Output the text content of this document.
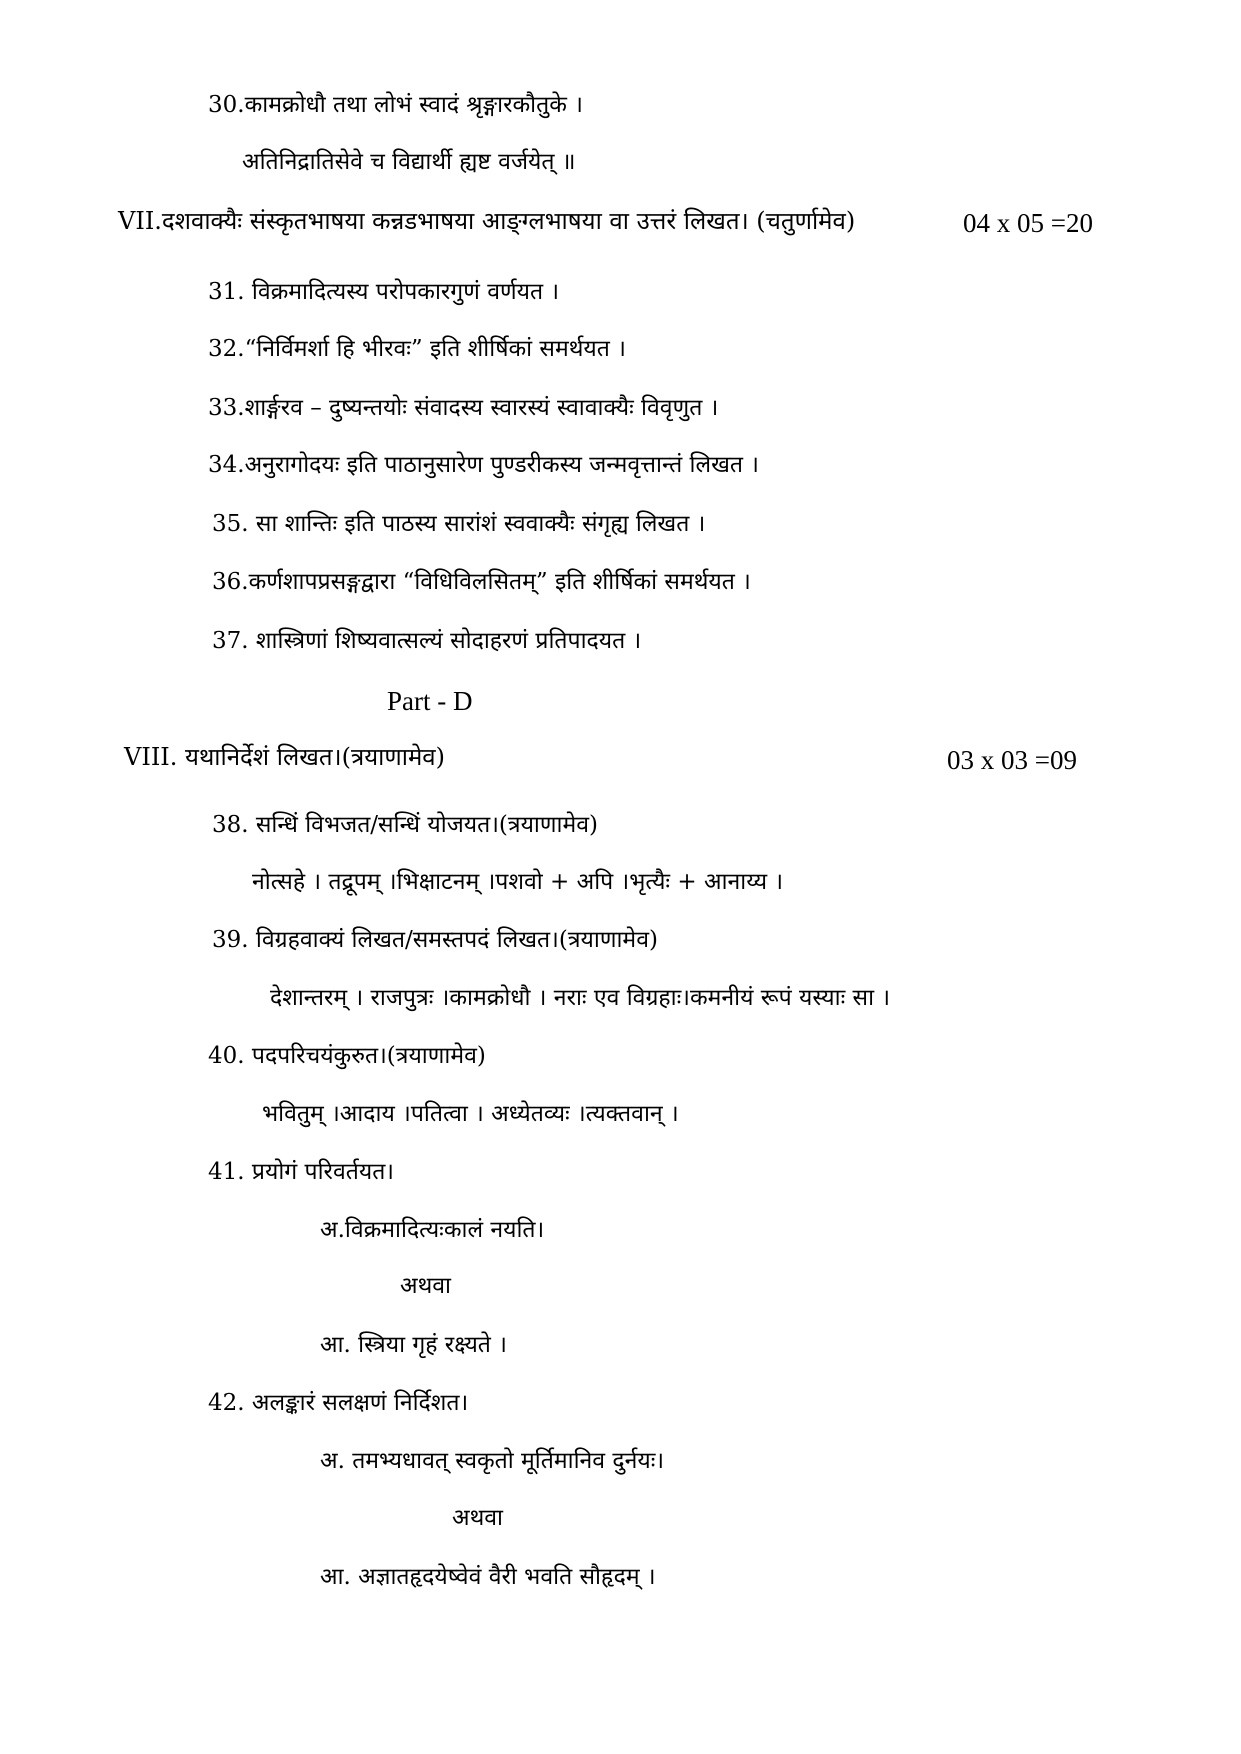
30.कामक्रोधौ तथा लोभं स्वादं श्रृङ्गारकौतुके ।
अतिनिद्रातिसेवे च विद्यार्थी ह्यष्ट वर्जयेत् ॥
VII.दशवाक्यैः संस्कृतभाषया कन्नडभाषया आङ्ग्लभाषया वा उत्तरं लिखत। (चतुर्णामेव)	04 x 05 =20
31. विक्रमादित्यस्य परोपकारगुणं वर्णयत ।
32.“निर्विमर्शा हि भीरवः” इति शीर्षिकां समर्थयत ।
33.शार्ङ्गरव – दुष्यन्तयोः संवादस्य स्वारस्यं स्वावाक्यैः विवृणुत ।
34.अनुरागोदयः इति पाठानुसारेण पुण्डरीकस्य जन्मवृत्तान्तं लिखत ।
35. सा शान्तिः इति पाठस्य सारांशं स्ववाक्यैः संगृह्य लिखत ।
36.कर्णशापप्रसङ्गद्वारा “विधिविलसितम्” इति शीर्षिकां समर्थयत ।
37. शास्त्रिणां शिष्यवात्सल्यं सोदाहरणं प्रतिपादयत ।
Part - D
VIII. यथानिर्देशं लिखत।(त्रयाणामेव)	03 x 03 =09
38. सन्धिं विभजत/सन्धिं योजयत।(त्रयाणामेव)
नोत्सहे । तद्रूपम् ।भिक्षाटनम् ।पशवो + अपि ।भृत्यैः + आनाय्य ।
39. विग्रहवाक्यं लिखत/समस्तपदं लिखत।(त्रयाणामेव)
देशान्तरम् । राजपुत्रः ।कामक्रोधौ । नराः एव विग्रहाः।कमनीयं रूपं यस्याः सा ।
40. पदपरिचयंकुरुत।(त्रयाणामेव)
भवितुम् ।आदाय ।पतित्वा । अध्येतव्यः ।त्यक्तवान् ।
41. प्रयोगं परिवर्तयत।
अ.विक्रमादित्यःकालं नयति।
अथवा
आ. स्त्रिया गृहं रक्ष्यते ।
42. अलङ्कारं सलक्षणं निर्दिशत।
अ. तमभ्यधावत् स्वकृतो मूर्तिमानिव दुर्नयः।
अथवा
आ. अज्ञातहृदयेष्वेवं वैरी भवति सौहृदम् ।
